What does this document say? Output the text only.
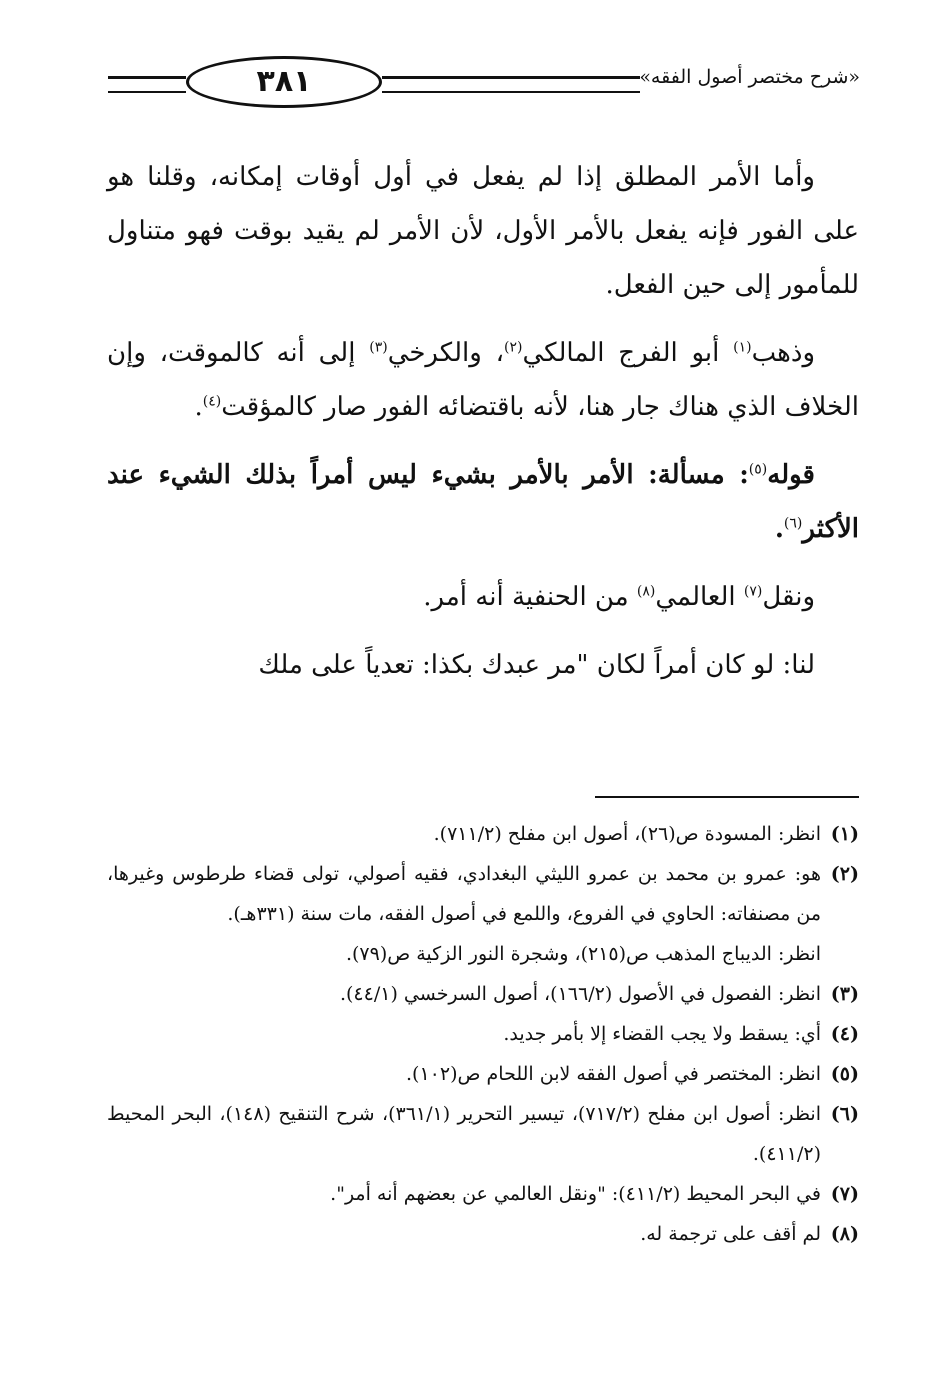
٣٨١	«شرح مختصر أصول الفقه»

وأما الأمر المطلق إذا لم يفعل في أول أوقات إمكانه، وقلنا هو على الفور فإنه يفعل بالأمر الأول، لأن الأمر لم يقيد بوقت فهو متناول للمأمور إلى حين الفعل.

وذهب$^{(١)}$ أبو الفرج المالكي$^{(٢)}$، والكرخي$^{(٣)}$ إلى أنه كالموقت، وإن الخلاف الذي هناك جار هنا، لأنه باقتضائه الفور صار كالمؤقت$^{(٤)}$.

قوله$^{(٥)}$: مسألة: الأمر بالأمر بشيء ليس أمراً بذلك الشيء عند الأكثر$^{(٦)}$.

ونقل$^{(٧)}$ العالمي$^{(٨)}$ من الحنفية أنه أمر.

لنا: لو كان أمراً لكان "مر عبدك بكذا: تعدياً على ملك

(١)
انظر: المسودة ص(٢٦)، أصول ابن مفلح (٧١١/٢).
(٢)
هو: عمرو بن محمد بن عمرو الليثي البغدادي، فقيه أصولي، تولى قضاء طرطوس وغيرها، من مصنفاته: الحاوي في الفروع، واللمع في أصول الفقه، مات سنة (٣٣١هـ).

انظر: الديباج المذهب ص(٢١٥)، وشجرة النور الزكية ص(٧٩).

(٣)
انظر: الفصول في الأصول (١٦٦/٢)، أصول السرخسي (٤٤/١).
(٤)
أي: يسقط ولا يجب القضاء إلا بأمر جديد.
(٥)
انظر: المختصر في أصول الفقه لابن اللحام ص(١٠٢).
(٦)
انظر: أصول ابن مفلح (٧١٧/٢)، تيسير التحرير (٣٦١/١)، شرح التنقيح (١٤٨)، البحر المحيط (٤١١/٢).
(٧)
في البحر المحيط (٤١١/٢): "ونقل العالمي عن بعضهم أنه أمر".
(٨)
لم أقف على ترجمة له.
